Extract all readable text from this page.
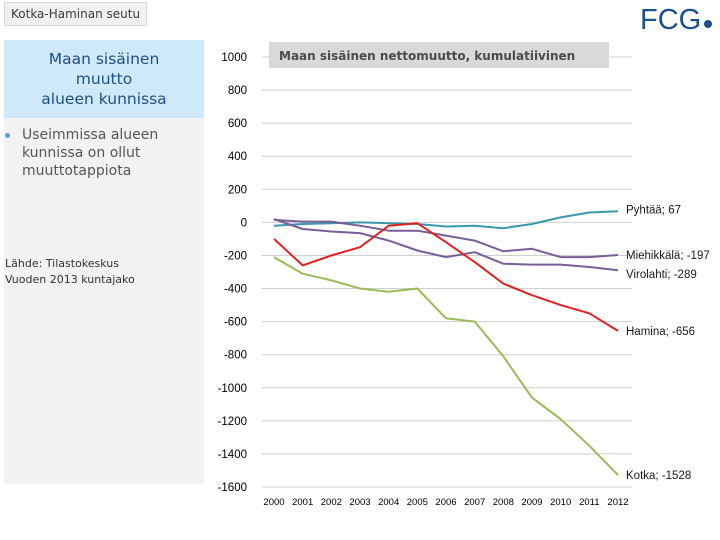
Kotka-Haminan seutu	FCG
Maan sisäinen
muutto
alueen kunnissa
Useimmissa alueen
kunnissa on ollut
muuttotappiota
Lähde: Tilastokeskus
Vuoden 2013 kuntajako
1000
800
600
400
200
0
-200
-400
-600
-800
-1000
-1200
-1400
-1600
2000 2001 2002 2003 2004 2005 2006 2007 2008 2009 2010 2011 2012
Maan sisäinen nettomuutto, kumulatiivinen
Pyhtää; 67
Miehikkälä; -197
Virolahti; -289
Hamina; -656
Kotka; -1528
